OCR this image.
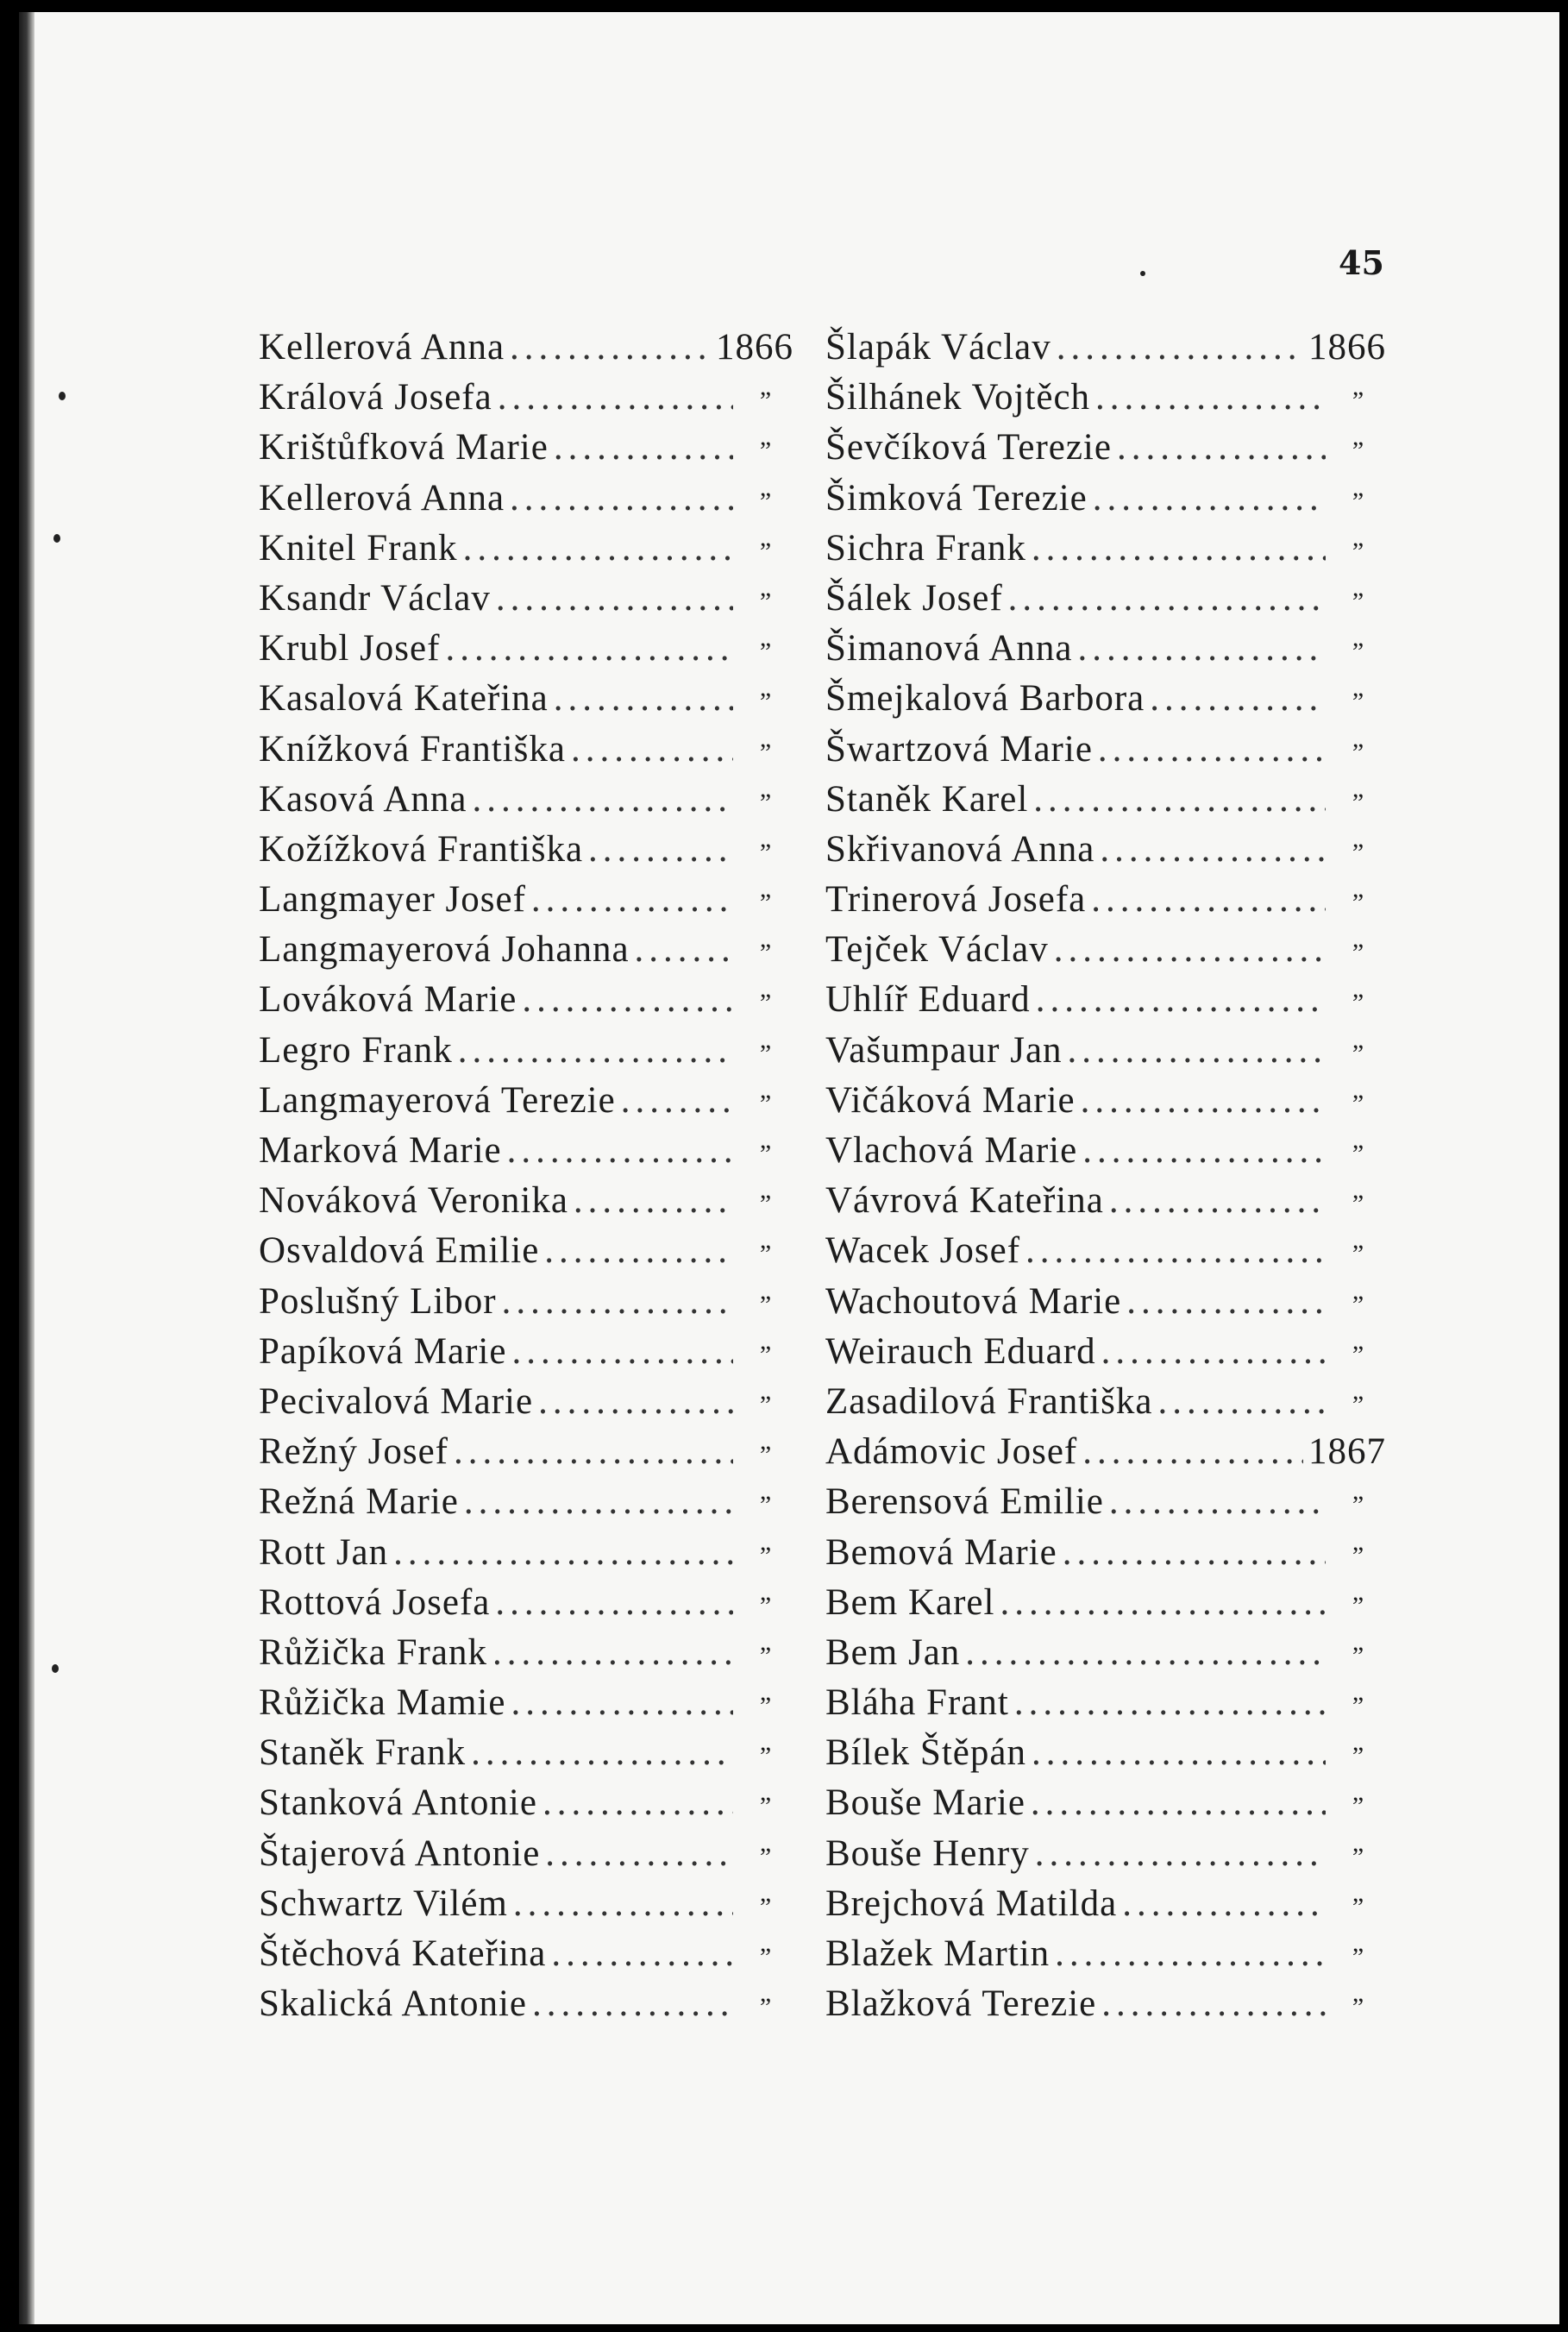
45
Kellerová Anna .....	1866
Králová Josefa .....	”
Krištůfková Marie .....	”
Kellerová Anna .....	”
Knitel Frank .....	”
Ksandr Václav .....	”
Krubl Josef .....	”
Kasalová Kateřina .....	”
Knížková Františka .....	”
Kasová Anna .....	”
Kožížková Františka .....	”
Langmayer Josef .....	”
Langmayerová Johanna .....	”
Lováková Marie .....	”
Legro Frank .....	”
Langmayerová Terezie .....	”
Marková Marie .....	”
Nováková Veronika .....	”
Osvaldová Emilie .....	”
Poslušný Libor .....	”
Papíková Marie .....	”
Pecivalová Marie .....	”
Režný Josef .....	”
Režná Marie .....	”
Rott Jan .....	”
Rottová Josefa .....	”
Růžička Frank .....	”
Růžička Mamie .....	”
Staněk Frank .....	”
Stanková Antonie .....	”
Štajerová Antonie .....	”
Schwartz Vilém .....	”
Štěchová Kateřina .....	”
Skalická Antonie .....	”
Šlapák Václav .....	1866
Šilhánek Vojtěch .....	”
Ševčíková Terezie .....	”
Šimková Terezie .....	”
Sichra Frank .....	”
Šálek Josef .....	”
Šimanová Anna .....	”
Šmejkalová Barbora .....	”
Šwartzová Marie .....	”
Staněk Karel .....	”
Skřivanová Anna .....	”
Trinerová Josefa .....	”
Tejček Václav .....	”
Uhlíř Eduard .....	”
Vašumpaur Jan .....	”
Vičáková Marie .....	”
Vlachová Marie .....	”
Vávrová Kateřina .....	”
Wacek Josef .....	”
Wachoutová Marie .....	”
Weirauch Eduard .....	”
Zasadilová Františka .....	”
Adámovic Josef .....	1867
Berensová Emilie .....	”
Bemová Marie .....	”
Bem Karel .....	”
Bem Jan .....	”
Bláha Frant .....	”
Bílek Štěpán .....	”
Bouše Marie .....	”
Bouše Henry .....	”
Brejchová Matilda .....	”
Blažek Martin .....	”
Blažková Terezie .....	”
